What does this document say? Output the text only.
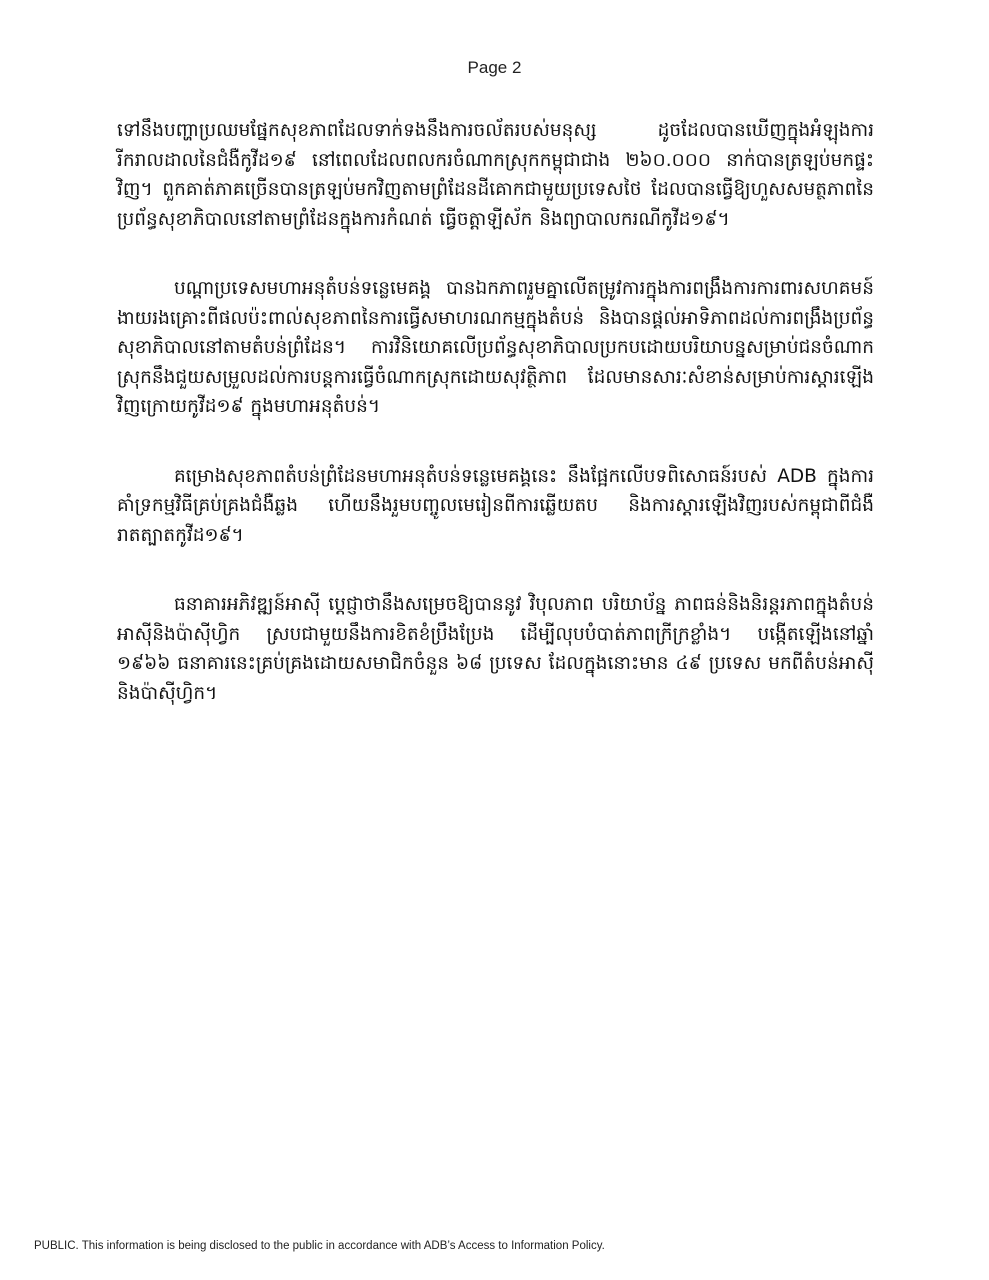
Page 2

ទៅនឹងបញ្ហាប្រឈមផ្នែកសុខភាពដែលទាក់ទងនឹងការចល័តរបស់មនុស្ស ដូចដែលបានឃើញក្នុងអំឡុងការរីករាលដាលនៃជំងឺកូវីដ១៩ នៅពេលដែលពលករចំណាកស្រុកកម្ពុជាជាង ២៦០.០០០ នាក់បានត្រឡប់មកផ្ទះវិញ។ ពួកគាត់ភាគច្រើនបានត្រឡប់មកវិញតាមព្រំដែនដីគោកជាមួយប្រទេសថៃ ដែលបានធ្វើឱ្យហួសសមត្ថភាពនៃប្រព័ន្ធសុខាភិបាលនៅតាមព្រំដែនក្នុងការកំណត់ ធ្វើចត្តាឡីស័ក និងព្យាបាលករណីកូវីដ១៩។

បណ្តាប្រទេសមហាអនុតំបន់ទន្លេមេគង្គ បានឯកភាពរួមគ្នាលើតម្រូវការក្នុងការពង្រឹងការការពារសហគមន៍ងាយរងគ្រោះពីផលប៉ះពាល់សុខភាពនៃការធ្វើសមាហរណកម្មក្នុងតំបន់ និងបានផ្តល់អាទិភាពដល់ការពង្រឹងប្រព័ន្ធសុខាភិបាលនៅតាមតំបន់ព្រំដែន។ ការវិនិយោគលើប្រព័ន្ធសុខាភិបាលប្រកបដោយបរិយាបន្នសម្រាប់ជនចំណាកស្រុកនឹងជួយសម្រួលដល់ការបន្តការធ្វើចំណាកស្រុកដោយសុវត្ថិភាព ដែលមានសារៈសំខាន់សម្រាប់ការស្តារឡើងវិញក្រោយកូវីដ១៩ ក្នុងមហាអនុតំបន់។

គម្រោងសុខភាពតំបន់ព្រំដែនមហាអនុតំបន់ទន្លេមេគង្គនេះ នឹងផ្អែកលើបទពិសោធន៍របស់ ADB ក្នុងការគាំទ្រកម្មវិធីគ្រប់គ្រងជំងឺឆ្លង ហើយនឹងរួមបញ្ចូលមេរៀនពីការឆ្លើយតប និងការស្តារឡើងវិញរបស់កម្ពុជាពីជំងឺរាតត្បាតកូវីដ១៩។

ធនាគារអភិវឌ្ឍន៍អាស៊ី ប្តេជ្ញាថានឹងសម្រេចឱ្យបាននូវ វិបុលភាព បរិយាប័ន្ន ភាពធន់និងនិរន្តរភាពក្នុងតំបន់អាស៊ីនិងប៉ាស៊ីហ្វិក ស្របជាមួយនឹងការខិតខំប្រឹងប្រែង ដើម្បីលុបបំបាត់ភាពក្រីក្រខ្លាំង។ បង្កើតឡើងនៅឆ្នាំ ១៩៦៦ ធនាគារនេះគ្រប់គ្រងដោយសមាជិកចំនួន ៦៨ ប្រទេស ដែលក្នុងនោះមាន ៤៩ ប្រទេស មកពីតំបន់អាស៊ីនិងប៉ាស៊ីហ្វិក។

PUBLIC. This information is being disclosed to the public in accordance with ADB’s Access to Information Policy.
